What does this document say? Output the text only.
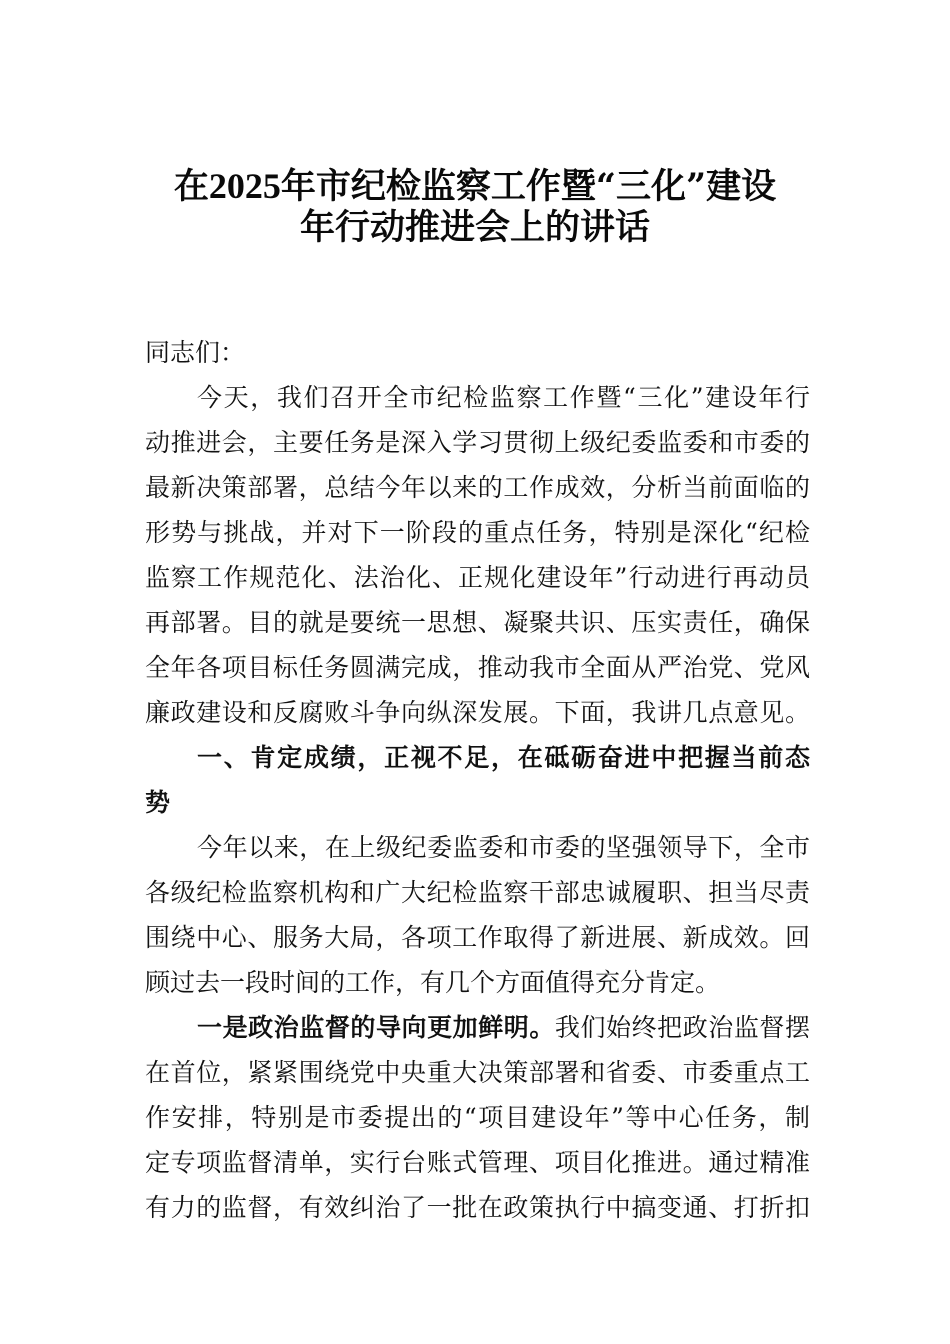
在2025年市纪检监察工作暨“三化”建设
年行动推进会上的讲话
同志们：
今天，我们召开全市纪检监察工作暨“三化”建设年行
动推进会，主要任务是深入学习贯彻上级纪委监委和市委的
最新决策部署，总结今年以来的工作成效，分析当前面临的
形势与挑战，并对下一阶段的重点任务，特别是深化“纪检
监察工作规范化、法治化、正规化建设年”行动进行再动员
再部署。目的就是要统一思想、凝聚共识、压实责任，确保
全年各项目标任务圆满完成，推动我市全面从严治党、党风
廉政建设和反腐败斗争向纵深发展。下面，我讲几点意见。
一、肯定成绩，正视不足，在砥砺奋进中把握当前态
势
今年以来，在上级纪委监委和市委的坚强领导下，全市
各级纪检监察机构和广大纪检监察干部忠诚履职、担当尽责
围绕中心、服务大局，各项工作取得了新进展、新成效。回
顾过去一段时间的工作，有几个方面值得充分肯定。
一是政治监督的导向更加鲜明。我们始终把政治监督摆
在首位，紧紧围绕党中央重大决策部署和省委、市委重点工
作安排，特别是市委提出的“项目建设年”等中心任务，制
定专项监督清单，实行台账式管理、项目化推进。通过精准
有力的监督，有效纠治了一批在政策执行中搞变通、打折扣
